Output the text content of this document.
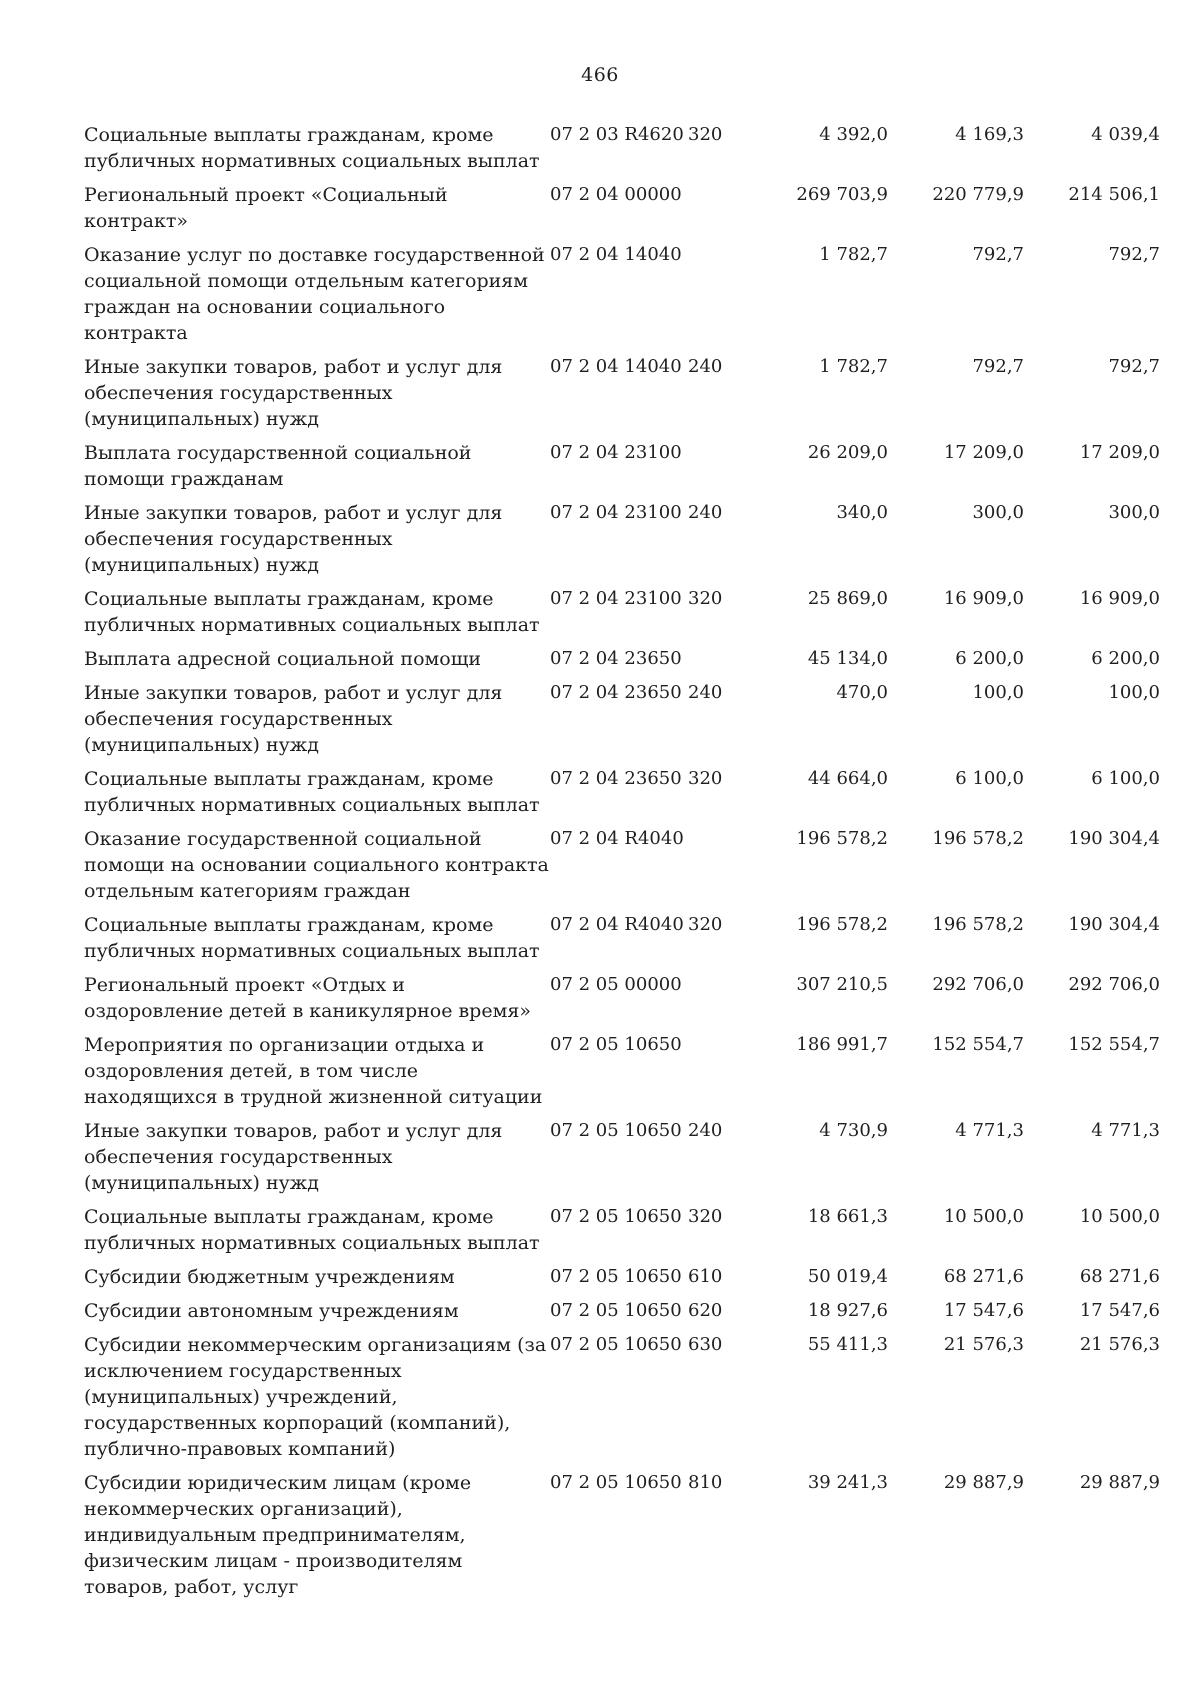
466
Социальные выплаты гражданам, кроме публичных нормативных социальных выплат	07 2 03 R4620	320	4 392,0	4 169,3	4 039,4
Региональный проект «Социальный контракт»	07 2 04 00000		269 703,9	220 779,9	214 506,1
Оказание услуг по доставке государственной социальной помощи отдельным категориям граждан на основании социального контракта	07 2 04 14040		1 782,7	792,7	792,7
Иные закупки товаров, работ и услуг для обеспечения государственных (муниципальных) нужд	07 2 04 14040	240	1 782,7	792,7	792,7
Выплата государственной социальной помощи гражданам	07 2 04 23100		26 209,0	17 209,0	17 209,0
Иные закупки товаров, работ и услуг для обеспечения государственных (муниципальных) нужд	07 2 04 23100	240	340,0	300,0	300,0
Социальные выплаты гражданам, кроме публичных нормативных социальных выплат	07 2 04 23100	320	25 869,0	16 909,0	16 909,0
Выплата адресной социальной помощи	07 2 04 23650		45 134,0	6 200,0	6 200,0
Иные закупки товаров, работ и услуг для обеспечения государственных (муниципальных) нужд	07 2 04 23650	240	470,0	100,0	100,0
Социальные выплаты гражданам, кроме публичных нормативных социальных выплат	07 2 04 23650	320	44 664,0	6 100,0	6 100,0
Оказание государственной социальной помощи на основании социального контракта отдельным категориям граждан	07 2 04 R4040		196 578,2	196 578,2	190 304,4
Социальные выплаты гражданам, кроме публичных нормативных социальных выплат	07 2 04 R4040	320	196 578,2	196 578,2	190 304,4
Региональный проект «Отдых и оздоровление детей в каникулярное время»	07 2 05 00000		307 210,5	292 706,0	292 706,0
Мероприятия по организации отдыха и оздоровления детей, в том числе находящихся в трудной жизненной ситуации	07 2 05 10650		186 991,7	152 554,7	152 554,7
Иные закупки товаров, работ и услуг для обеспечения государственных (муниципальных) нужд	07 2 05 10650	240	4 730,9	4 771,3	4 771,3
Социальные выплаты гражданам, кроме публичных нормативных социальных выплат	07 2 05 10650	320	18 661,3	10 500,0	10 500,0
Субсидии бюджетным учреждениям	07 2 05 10650	610	50 019,4	68 271,6	68 271,6
Субсидии автономным учреждениям	07 2 05 10650	620	18 927,6	17 547,6	17 547,6
Субсидии некоммерческим организациям (за исключением государственных (муниципальных) учреждений, государственных корпораций (компаний), публично-правовых компаний)	07 2 05 10650	630	55 411,3	21 576,3	21 576,3
Субсидии юридическим лицам (кроме некоммерческих организаций), индивидуальным предпринимателям, физическим лицам - производителям товаров, работ, услуг	07 2 05 10650	810	39 241,3	29 887,9	29 887,9
